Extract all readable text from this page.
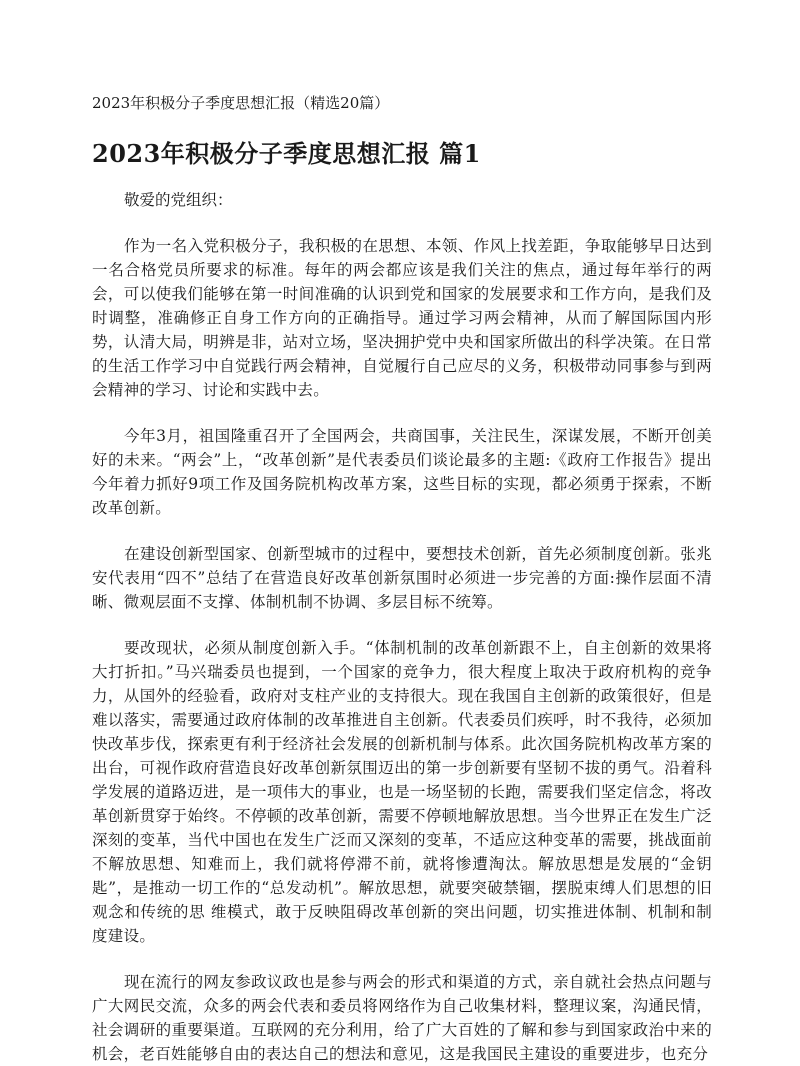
2023年积极分子季度思想汇报（精选20篇）
2023年积极分子季度思想汇报 篇1

敬爱的党组织：

作为一名入党积极分子，我积极的在思想、本领、作风上找差距，争取能够早日达到一名合格党员所要求的标准。每年的两会都应该是我们关注的焦点，通过每年举行的两会，可以使我们能够在第一时间准确的认识到党和国家的发展要求和工作方向，是我们及时调整，准确修正自身工作方向的正确指导。通过学习两会精神，从而了解国际国内形势，认清大局，明辨是非，站对立场，坚决拥护党中央和国家所做出的科学决策。在日常的生活工作学习中自觉践行两会精神，自觉履行自己应尽的义务，积极带动同事参与到两会精神的学习、讨论和实践中去。

今年3月，祖国隆重召开了全国两会，共商国事，关注民生，深谋发展，不断开创美好的未来。“两会”上，“改革创新”是代表委员们谈论最多的主题:《政府工作报告》提出今年着力抓好9项工作及国务院机构改革方案，这些目标的实现，都必须勇于探索，不断改革创新。

在建设创新型国家、创新型城市的过程中，要想技术创新，首先必须制度创新。张兆安代表用“四不”总结了在营造良好改革创新氛围时必须进一步完善的方面:操作层面不清晰、微观层面不支撑、体制机制不协调、多层目标不统筹。

要改现状，必须从制度创新入手。“体制机制的改革创新跟不上，自主创新的效果将大打折扣。”马兴瑞委员也提到，一个国家的竞争力，很大程度上取决于政府机构的竞争力，从国外的经验看，政府对支柱产业的支持很大。现在我国自主创新的政策很好，但是难以落实，需要通过政府体制的改革推进自主创新。代表委员们疾呼，时不我待，必须加快改革步伐，探索更有利于经济社会发展的创新机制与体系。此次国务院机构改革方案的出台，可视作政府营造良好改革创新氛围迈出的第一步创新要有坚韧不拔的勇气。沿着科学发展的道路迈进，是一项伟大的事业，也是一场坚韧的长跑，需要我们坚定信念，将改革创新贯穿于始终。不停顿的改革创新，需要不停顿地解放思想。当今世界正在发生广泛深刻的变革，当代中国也在发生广泛而又深刻的变革，不适应这种变革的需要，挑战面前不解放思想、知难而上，我们就将停滞不前，就将惨遭淘汰。解放思想是发展的“金钥匙”，是推动一切工作的“总发动机”。解放思想，就要突破禁锢，摆脱束缚人们思想的旧观念和传统的思 维模式，敢于反映阻碍改革创新的突出问题，切实推进体制、机制和制度建设。

现在流行的网友参政议政也是参与两会的形式和渠道的方式，亲自就社会热点问题与广大网民交流，众多的两会代表和委员将网络作为自己收集材料，整理议案，沟通民情，社会调研的重要渠道。互联网的充分利用，给了广大百姓的了解和参与到国家政治中来的机会，老百姓能够自由的表达自己的想法和意见，这是我国民主建设的重要进步，也充分
